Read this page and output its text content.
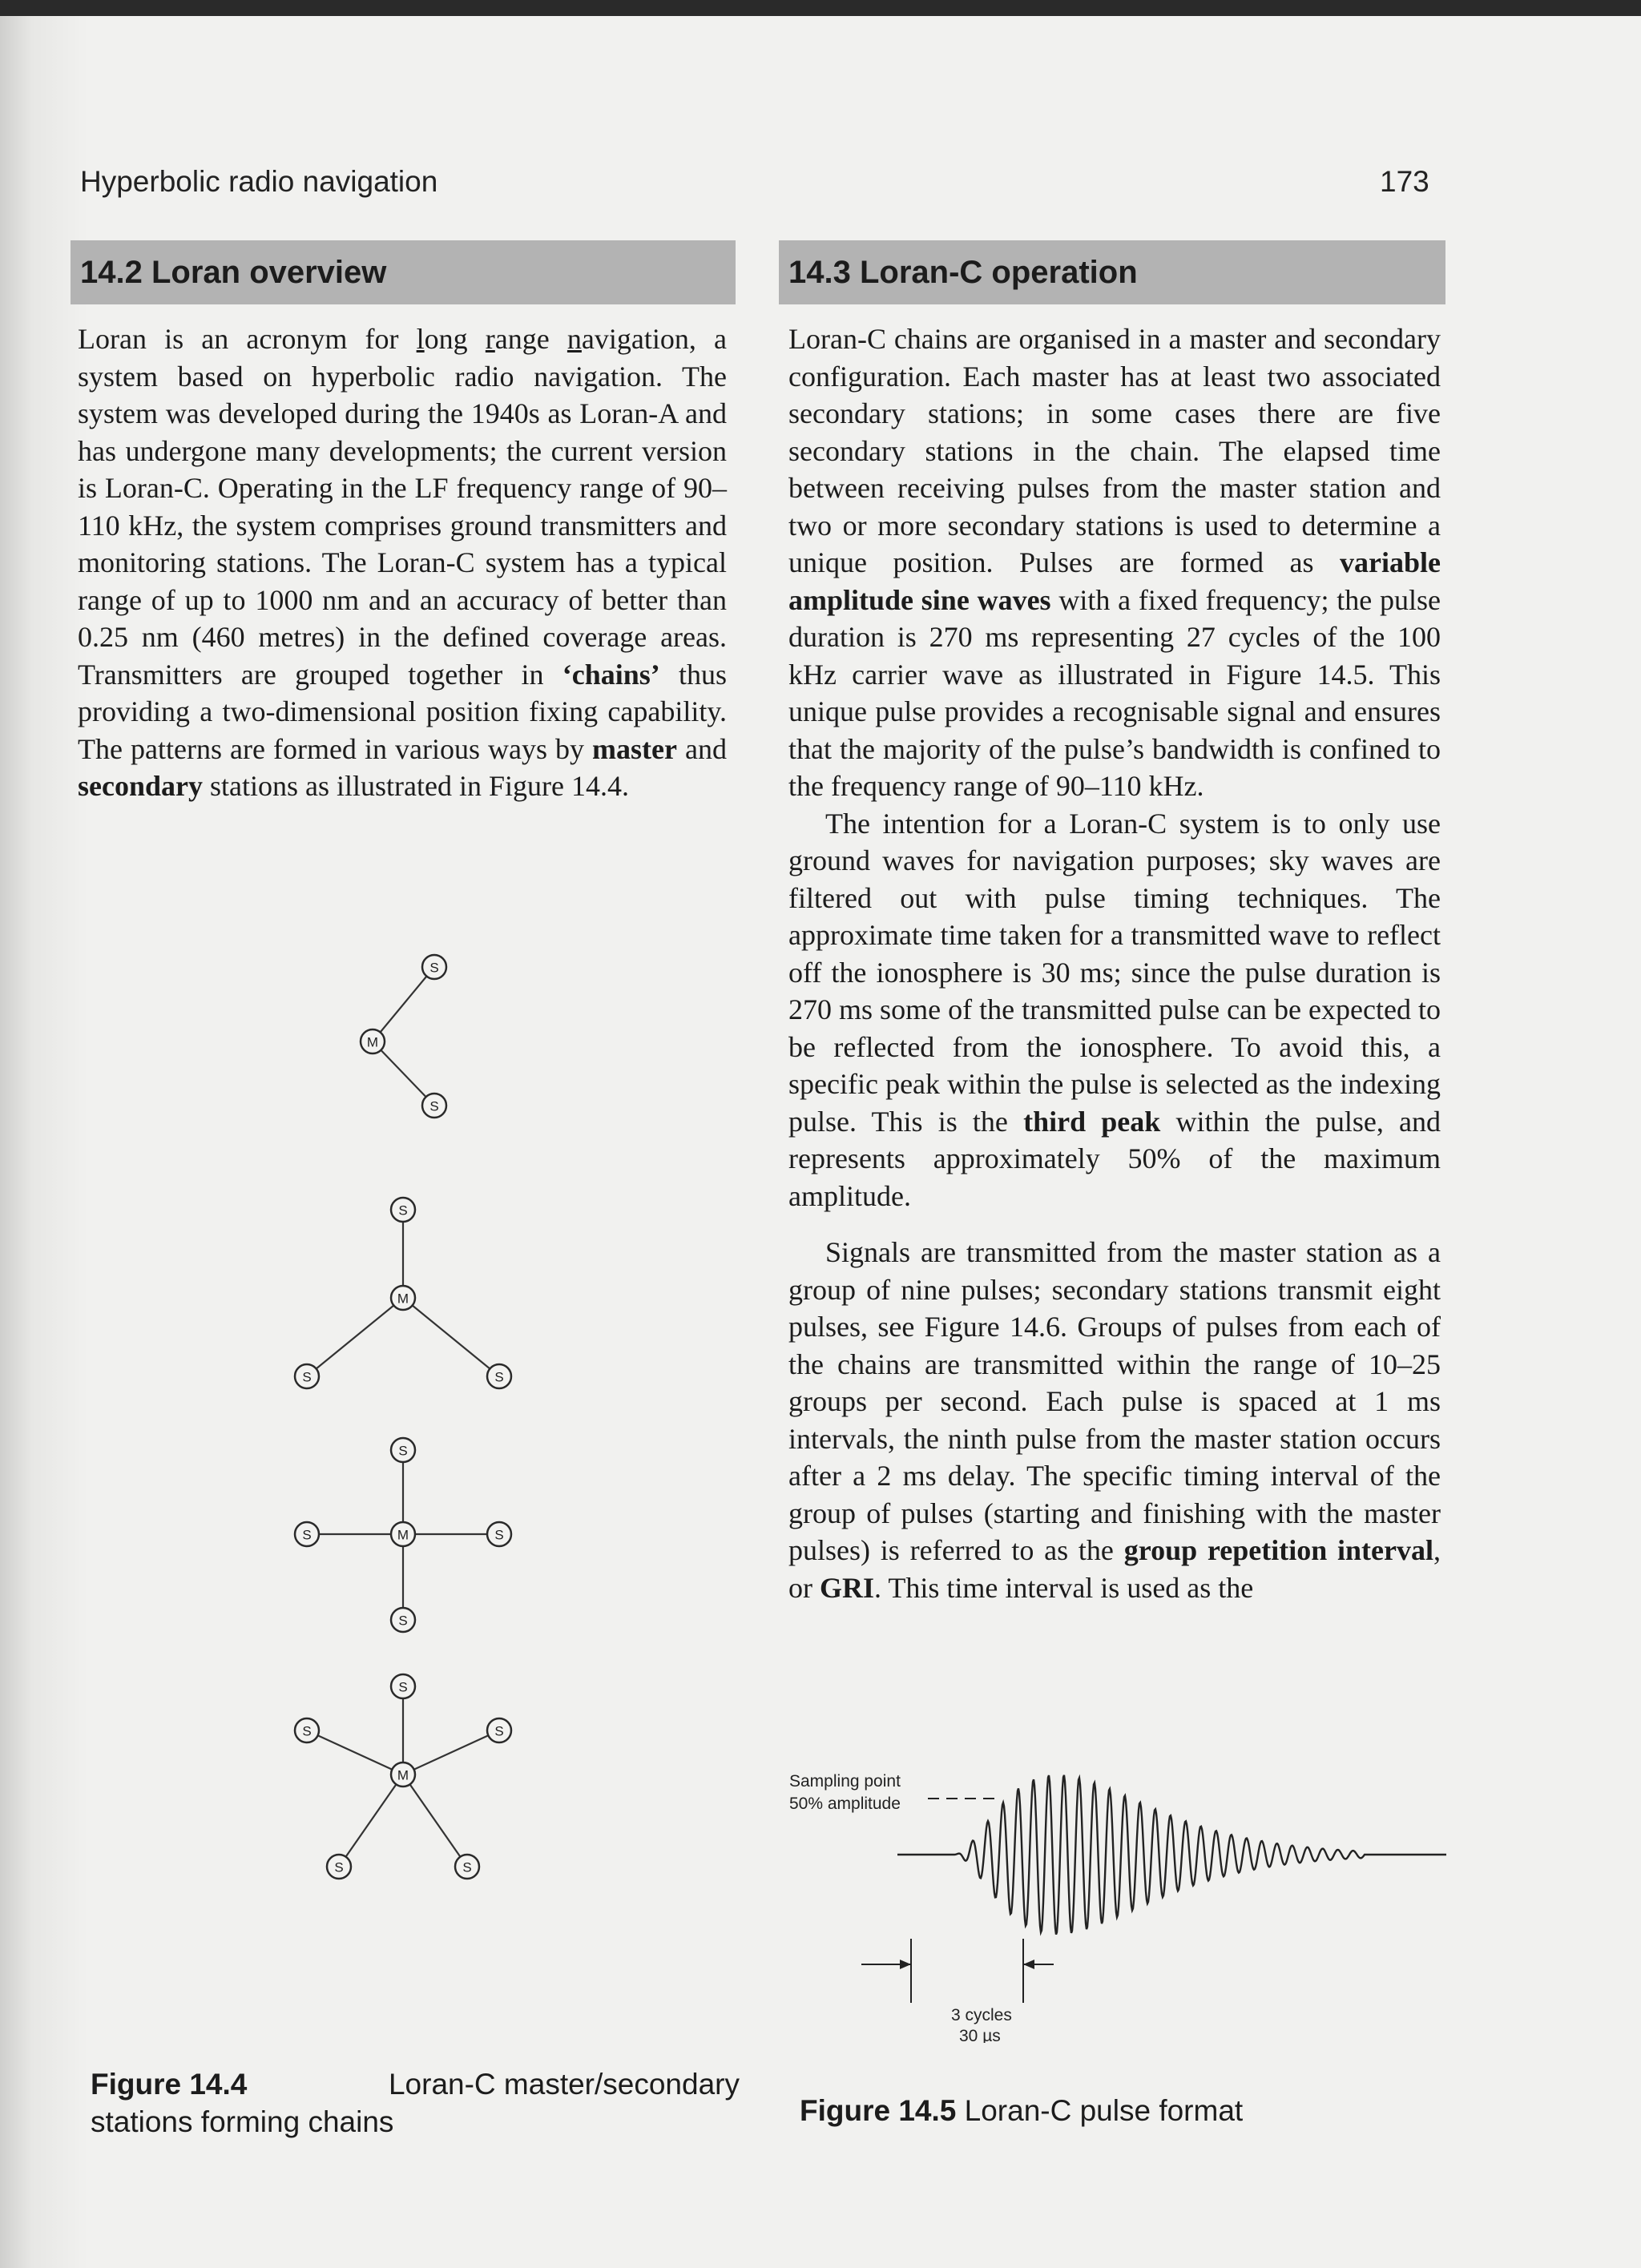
Hyperbolic radio navigation	173
14.2 Loran overview	14.3 Loran-C operation

Loran is an acronym for long range navigation, a system based on hyperbolic radio navigation. The system was developed during the 1940s as Loran-A and has undergone many developments; the current version is Loran-C. Operating in the LF frequency range of 90–110 kHz, the system comprises ground transmitters and monitoring stations. The Loran-C system has a typical range of up to 1000 nm and an accuracy of better than 0.25 nm (460 metres) in the defined coverage areas. Transmitters are grouped together in ‘chains’ thus providing a two-dimensional position fixing capability. The patterns are formed in various ways by master and secondary stations as illustrated in Figure 14.4.

Loran-C chains are organised in a master and secondary configuration. Each master has at least two associated secondary stations; in some cases there are five secondary stations in the chain. The elapsed time between receiving pulses from the master station and two or more secondary stations is used to determine a unique position. Pulses are formed as variable amplitude sine waves with a fixed frequency; the pulse duration is 270 ms representing 27 cycles of the 100 kHz carrier wave as illustrated in Figure 14.5. This unique pulse provides a recognisable signal and ensures that the majority of the pulse’s bandwidth is confined to the frequency range of 90–110 kHz.

The intention for a Loran-C system is to only use ground waves for navigation purposes; sky waves are filtered out with pulse timing techniques. The approximate time taken for a transmitted wave to reflect off the ionosphere is 30 ms; since the pulse duration is 270 ms some of the transmitted pulse can be expected to be reflected from the ionosphere. To avoid this, a specific peak within the pulse is selected as the indexing pulse. This is the third peak within the pulse, and represents approximately 50% of the maximum amplitude.

Signals are transmitted from the master station as a group of nine pulses; secondary stations transmit eight pulses, see Figure 14.6. Groups of pulses from each of the chains are transmitted within the range of 10–25 groups per second. Each pulse is spaced at 1 ms intervals, the ninth pulse from the master station occurs after a 2 ms delay. The specific timing interval of the group of pulses (starting and finishing with the master pulses) is referred to as the group repetition interval, or GRI. This time interval is used as the

M
S
S
M
S
S	S
M
S
S	S
S
M
S
S	S
S	S
Figure 14.4	Loran-C master/secondary
stations forming chains
Sampling point
50% amplitude
3 cycles
30 µs
Figure 14.5 Loran-C pulse format
